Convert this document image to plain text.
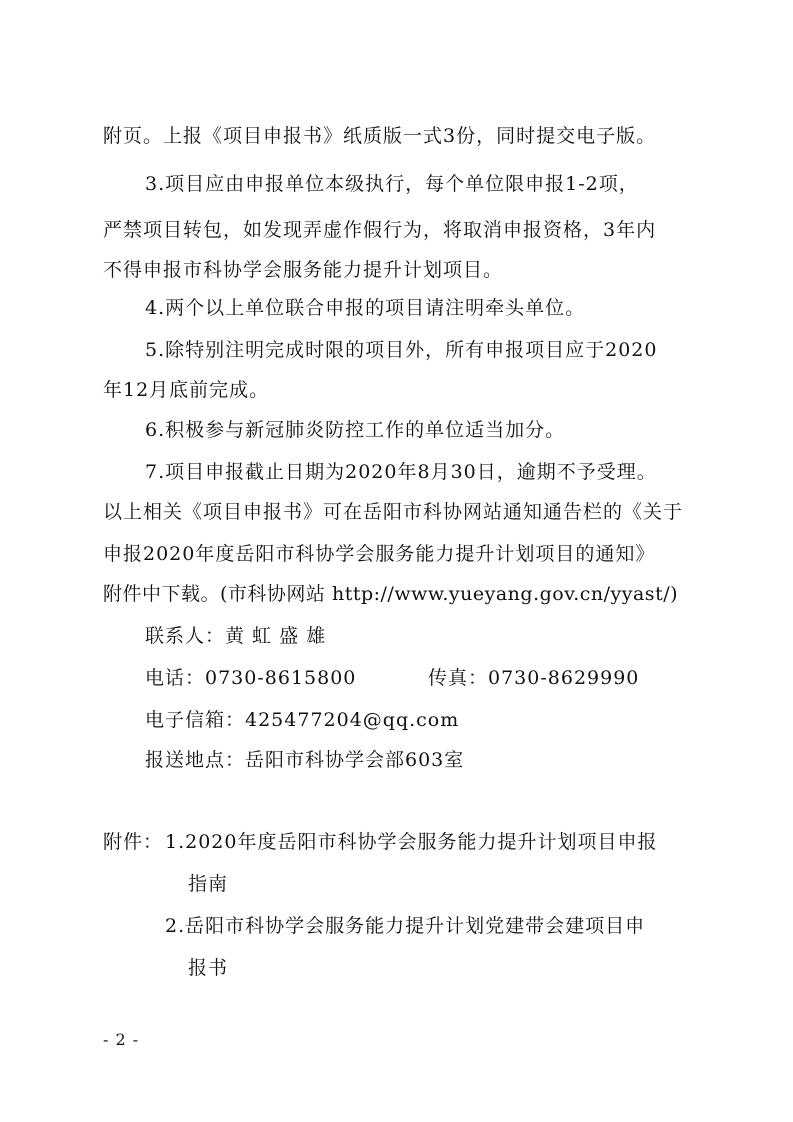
附页。上报《项目申报书》纸质版一式3份，同时提交电子版。
3.项目应由申报单位本级执行，每个单位限申报1-2项，
严禁项目转包，如发现弄虚作假行为，将取消申报资格，3年内
不得申报市科协学会服务能力提升计划项目。
4.两个以上单位联合申报的项目请注明牵头单位。
5.除特别注明完成时限的项目外，所有申报项目应于2020
年12月底前完成。
6.积极参与新冠肺炎防控工作的单位适当加分。
7.项目申报截止日期为2020年8月30日，逾期不予受理。
以上相关《项目申报书》可在岳阳市科协网站通知通告栏的《关于
申报2020年度岳阳市科协学会服务能力提升计划项目的通知》
附件中下载。(市科协网站 http://www.yueyang.gov.cn/yyast/)
联系人：黄 虹 盛 雄
电话：0730-8615800	传真：0730-8629990
电子信箱：425477204@qq.com
报送地点：岳阳市科协学会部603室
附件： 1.2020年度岳阳市科协学会服务能力提升计划项目申报
指南
2.岳阳市科协学会服务能力提升计划党建带会建项目申
报书
- 2 -
